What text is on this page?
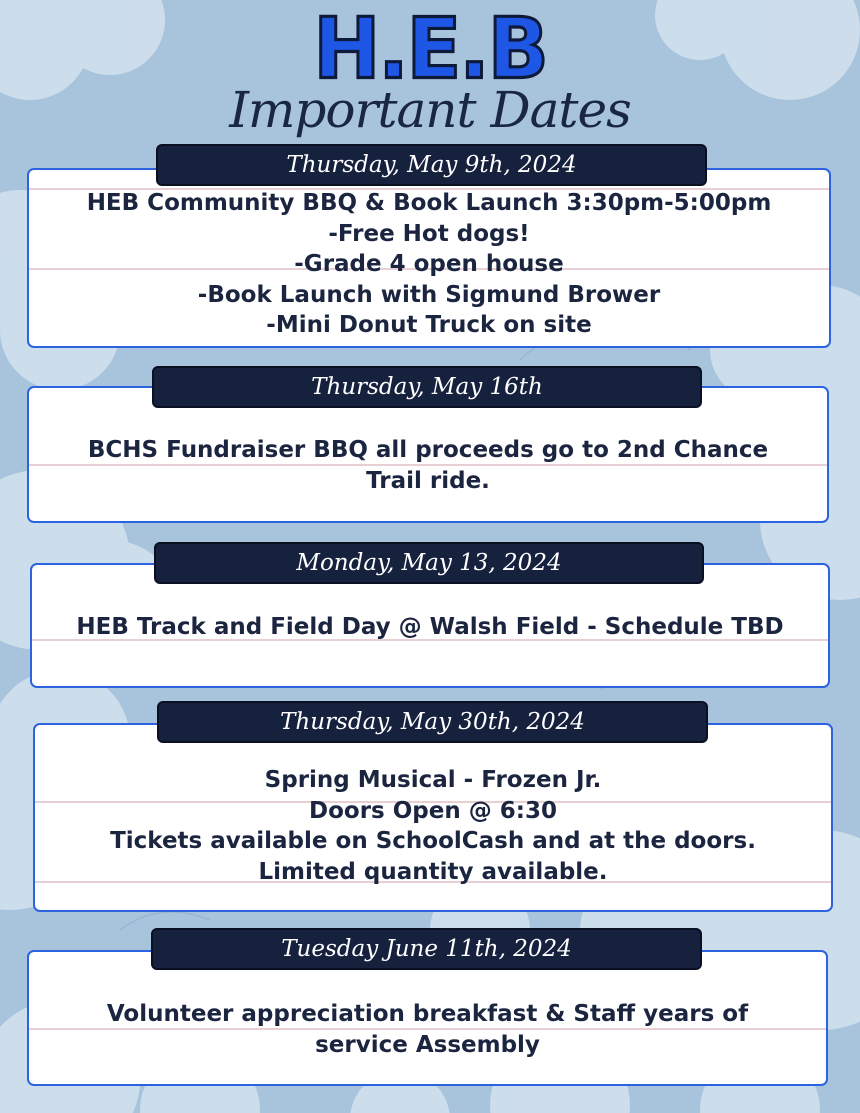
H.E.B
Important Dates
HEB Community BBQ & Book Launch 3:30pm-5:00pm
-Free Hot dogs!
-Grade 4 open house
-Book Launch with Sigmund Brower
-Mini Donut Truck on site
Thursday, May 9th, 2024
BCHS Fundraiser BBQ all proceeds go to 2nd Chance
Trail ride.
Thursday, May 16th
HEB Track and Field Day @ Walsh Field - Schedule TBD
Monday, May 13, 2024
Spring Musical - Frozen Jr.
Doors Open @ 6:30
Tickets available on SchoolCash and at the doors.
Limited quantity available.
Thursday, May 30th, 2024
Volunteer appreciation breakfast & Staff years of
service Assembly
Tuesday June 11th, 2024
